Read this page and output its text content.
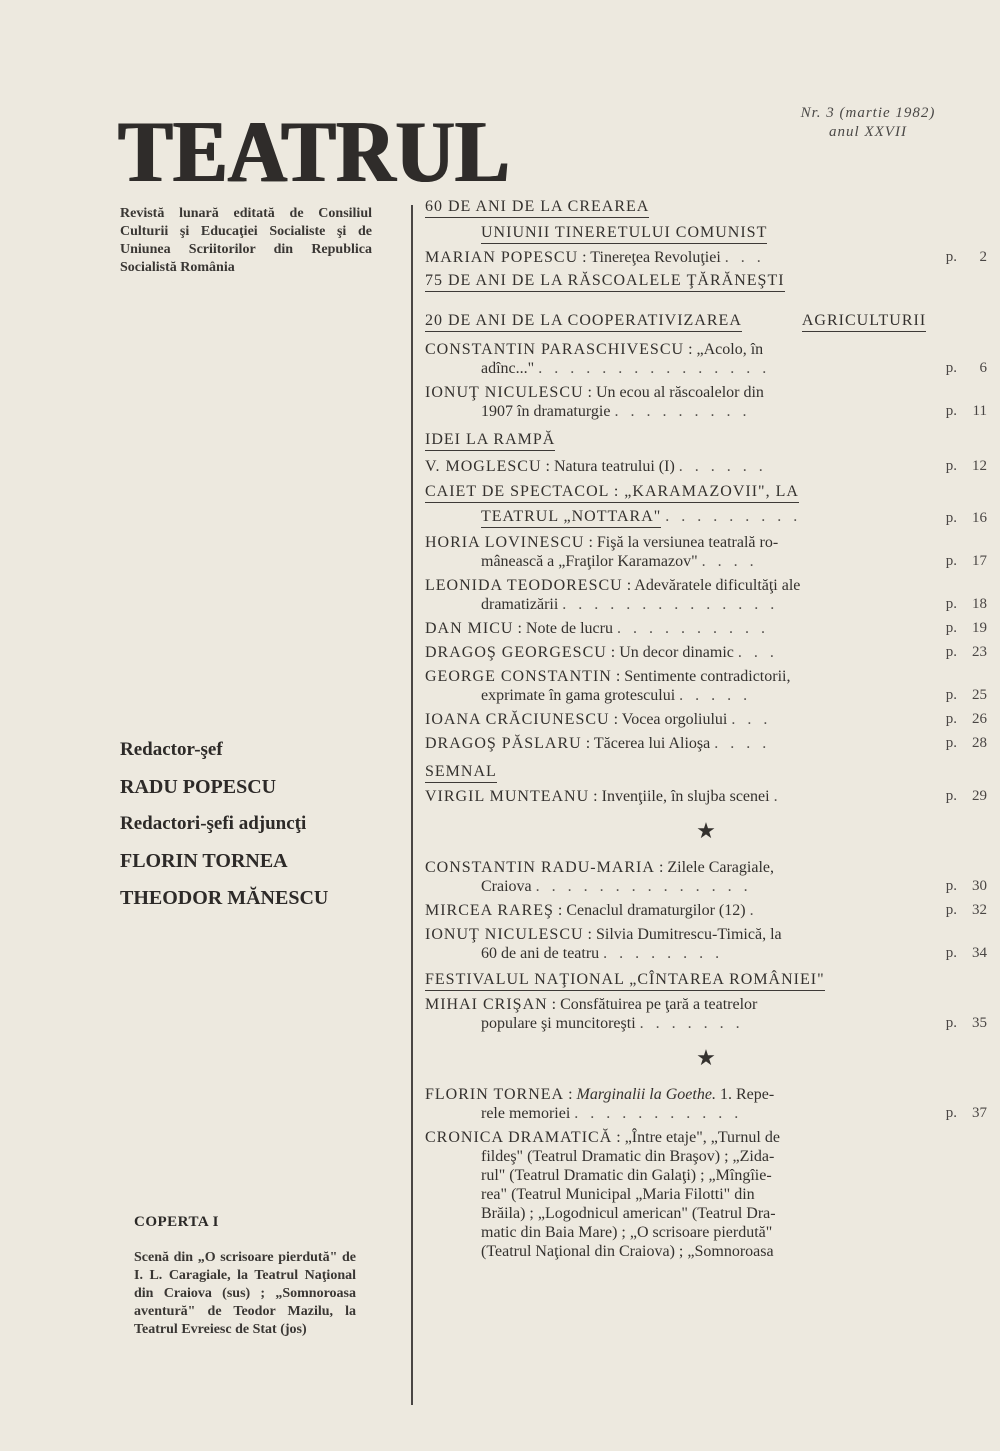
TEATRUL	Nr. 3 (martie 1982)
anul XXVII
Revistă lunară editată de Consiliul Culturii şi Educaţiei Socialiste şi de Uniunea Scriitorilor din Republica Socialistă România
Redactor-şef
RADU POPESCU
Redactori-şefi adjuncţi
FLORIN TORNEA
THEODOR MĂNESCU
COPERTA I
Scenă din „O scrisoare pierdută" de I. L. Caragiale, la Teatrul Naţional din Craiova (sus) ; „Somnoroasa aventură" de Teodor Mazilu, la Teatrul Evreiesc de Stat (jos)
60 DE ANI DE LA CREAREA UNIUNII TINERETULUI COMUNIST
MARIAN POPESCU : Tinereţea Revoluţiei . . .	p. 2
75 DE ANI DE LA RĂSCOALELE ŢĂRĂNEŞTI
20 DE ANI DE LA COOPERATIVIZAREA	AGRICULTURII
CONSTANTIN PARASCHIVESCU : „Acolo, în
adînc..." . . . . . . . . . . . . . . .	p. 6
IONUŢ NICULESCU : Un ecou al răscoalelor din
1907 în dramaturgie . . . . . . . . .	p. 11
IDEI LA RAMPĂ
V. MOGLESCU : Natura teatrului (I) . . . . . .	p. 12
CAIET DE SPECTACOL : „KARAMAZOVII", LA
TEATRUL „NOTTARA" . . . . . . . . .	p. 16
HORIA LOVINESCU : Fişă la versiunea teatrală ro-
mânească a „Fraţilor Karamazov" . . . .	p. 17
LEONIDA TEODORESCU : Adevăratele dificultăţi ale
dramatizării . . . . . . . . . . . . . .	p. 18
DAN MICU : Note de lucru . . . . . . . . . .	p. 19
DRAGOŞ GEORGESCU : Un decor dinamic . . .	p. 23
GEORGE CONSTANTIN : Sentimente contradictorii,
exprimate în gama grotescului . . . . .	p. 25
IOANA CRĂCIUNESCU : Vocea orgoliului . . .	p. 26
DRAGOŞ PĂSLARU : Tăcerea lui Alioşa . . . .	p. 28
SEMNAL
VIRGIL MUNTEANU : Invenţiile, în slujba scenei .	p. 29
★
CONSTANTIN RADU-MARIA : Zilele Caragiale,
Craiova . . . . . . . . . . . . . .	p. 30
MIRCEA RAREŞ : Cenaclul dramaturgilor (12) .	p. 32
IONUŢ NICULESCU : Silvia Dumitrescu-Timică, la
60 de ani de teatru . . . . . . . .	p. 34
FESTIVALUL NAŢIONAL „CÎNTAREA ROMÂNIEI"
MIHAI CRIŞAN : Consfătuirea pe ţară a teatrelor
populare şi muncitoreşti . . . . . . .	p. 35
★
FLORIN TORNEA : Marginalii la Goethe. 1. Repe-
rele memoriei . . . . . . . . . . .	p. 37
CRONICA DRAMATICĂ : „Între etaje", „Turnul de
fildeş" (Teatrul Dramatic din Braşov) ; „Zida-
rul" (Teatrul Dramatic din Galaţi) ; „Mîngîie-
rea" (Teatrul Municipal „Maria Filotti" din
Brăila) ; „Logodnicul american" (Teatrul Dra-
matic din Baia Mare) ; „O scrisoare pierdută"
(Teatrul Naţional din Craiova) ; „Somnoroasa
